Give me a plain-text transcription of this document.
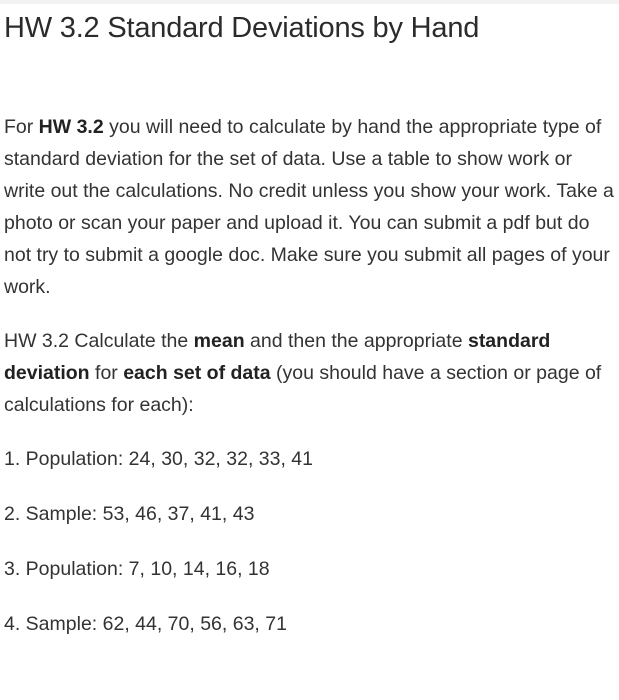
HW 3.2 Standard Deviations by Hand

For HW 3.2 you will need to calculate by hand the appropriate type of standard deviation for the set of data. Use a table to show work or write out the calculations. No credit unless you show your work. Take a photo or scan your paper and upload it. You can submit a pdf but do not try to submit a google doc. Make sure you submit all pages of your work.

HW 3.2 Calculate the mean and then the appropriate standard deviation for each set of data (you should have a section or page of calculations for each):

1. Population: 24, 30, 32, 32, 33, 41

2. Sample: 53, 46, 37, 41, 43

3. Population: 7, 10, 14, 16, 18

4. Sample: 62, 44, 70, 56, 63, 71
